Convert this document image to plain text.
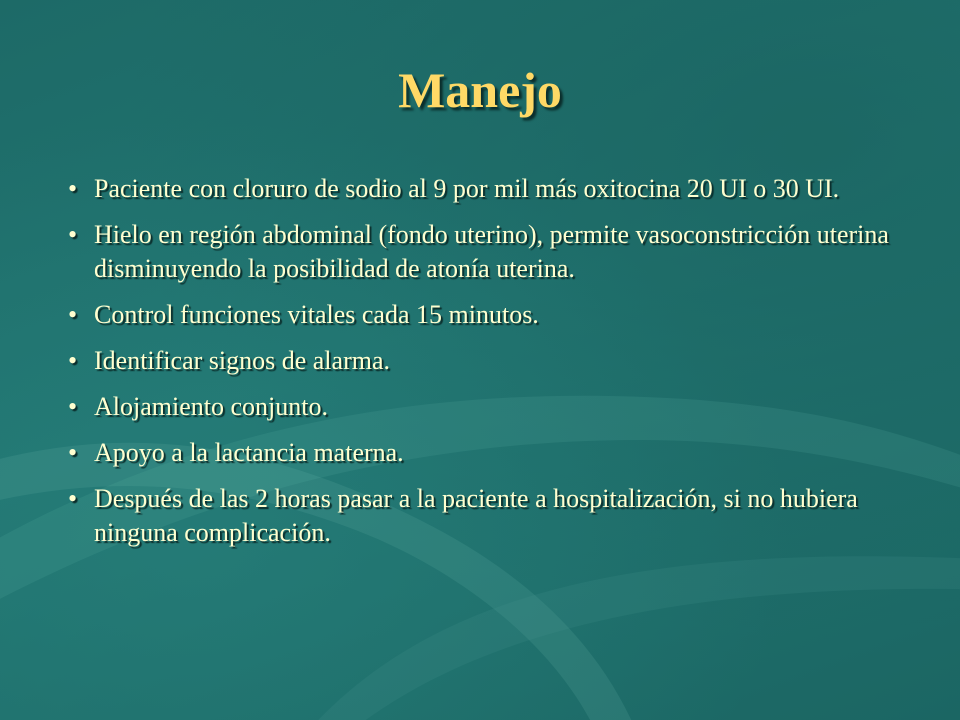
Manejo
• Paciente con cloruro de sodio al 9 por mil más oxitocina 20 UI o 30 UI.
• Hielo en región abdominal (fondo uterino), permite vasoconstricción uterina disminuyendo la posibilidad de atonía uterina.
• Control funciones vitales cada 15 minutos.
• Identificar signos de alarma.
• Alojamiento conjunto.
• Apoyo a la lactancia materna.
• Después de las 2 horas pasar a la paciente a hospitalización, si no hubiera ninguna complicación.
